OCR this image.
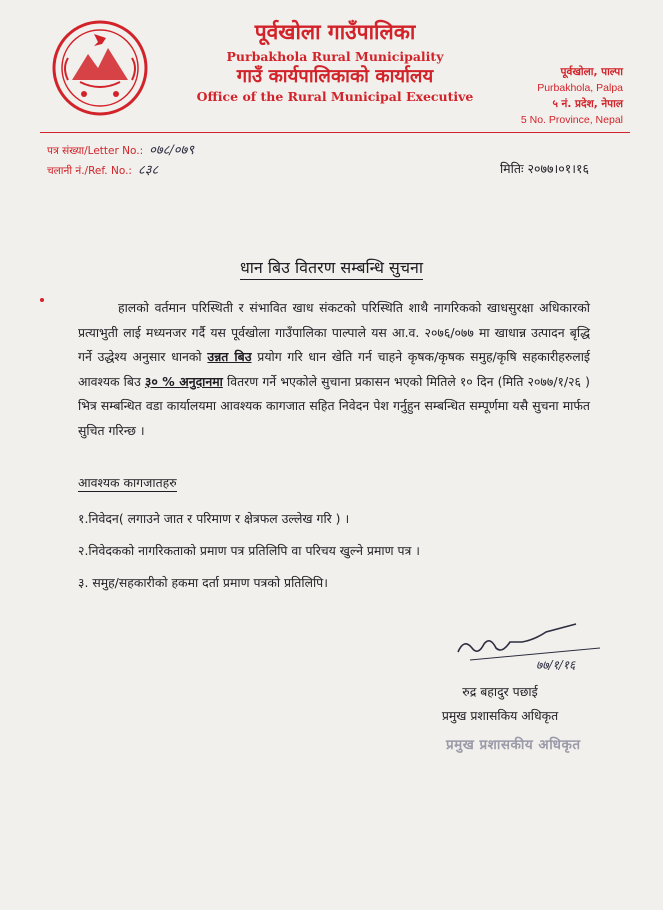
पूर्वखोला गाउँपालिका
Purbakhola Rural Municipality
गाउँ कार्यपालिकाको कार्यालय
Office of the Rural Municipal Executive
पूर्वखोला, पाल्पा
Purbakhola, Palpa
५ नं. प्रदेश, नेपाल
5 No. Province, Nepal
पत्र संख्या/Letter No.: ०७८/०७९
चलानी नं./Ref. No.: ८३८	मितिः २०७७।०१।१६
धान बिउ वितरण सम्बन्धि सुचना
हालको वर्तमान परिस्थिती र संभावित खाध संकटको परिस्थिति शाथै नागरिकको खाधसुरक्षा अधिकारको प्रत्याभुती लाई मध्यनजर गर्दै यस पूर्वखोला गाउँपालिका पाल्पाले यस आ.व. २०७६/०७७ मा खाधान्न उत्पादन बृद्धि गर्ने उद्धेश्य अनुसार धानको उन्नत बिउ प्रयोग गरि धान खेति गर्न चाहने कृषक/कृषक समुह/कृषि सहकारीहरुलाई आवश्यक बिउ ३० % अनुदानमा वितरण गर्ने भएकोले सुचाना प्रकासन भएको मितिले १० दिन (मिति २०७७/१/२६ ) भित्र सम्बन्धित वडा कार्यालयमा आवश्यक कागजात सहित निवेदन पेश गर्नुहुन सम्बन्धित सम्पूर्णमा यसै सुचना मार्फत सुचित गरिन्छ ।
आवश्यक कागजातहरु
१.निवेदन( लगाउने जात र परिमाण र क्षेत्रफल उल्लेख गरि ) ।
२.निवेदकको नागरिकताको प्रमाण पत्र प्रतिलिपि वा परिचय खुल्ने प्रमाण पत्र ।
३. समुह/सहकारीको हकमा दर्ता प्रमाण पत्रको प्रतिलिपि।
७७/१/१६
रुद्र बहादुर पछाई
प्रमुख प्रशासकिय अधिकृत
प्रमुख प्रशासकीय अधिकृत
